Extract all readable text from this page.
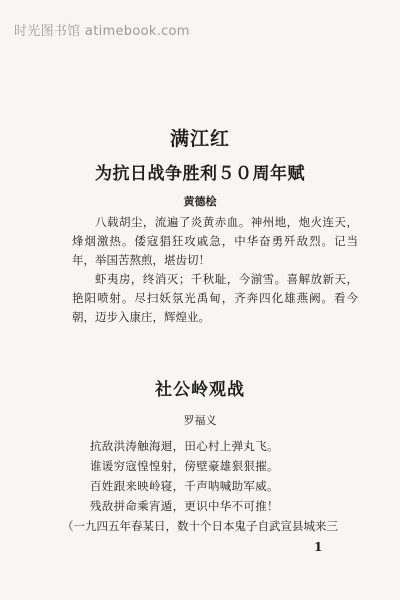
时光图书馆 atimebook.com
满江红
为抗日战争胜利５０周年赋
黄德桧

八载胡尘，流遍了炎黄赤血。神州地，炮火连天，烽烟激热。倭寇猖狂攻戚急，中华奋勇歼敌烈。记当年，举国苦熬煎，堪齿切！

虾夷房，终消灭；千秋耻，今湔雪。喜解放新天，艳阳喷射。尽扫妖氛光禹甸，齐奔四化雄燕阙。看今朝，迈步入康庄，辉煌业。

社公岭观战
罗福义
抗敌洪涛触海迴，田心村上弹丸飞。
谁谖穷寇惶惶射，傍壁豪雄狠狠摧。
百姓跟来映岭寝，千声呐喊助军威。
残敌拼命乘宵遁，更识中华不可推！
（一九四五年春某日，数十个日本鬼子自武宣县城来三
1
